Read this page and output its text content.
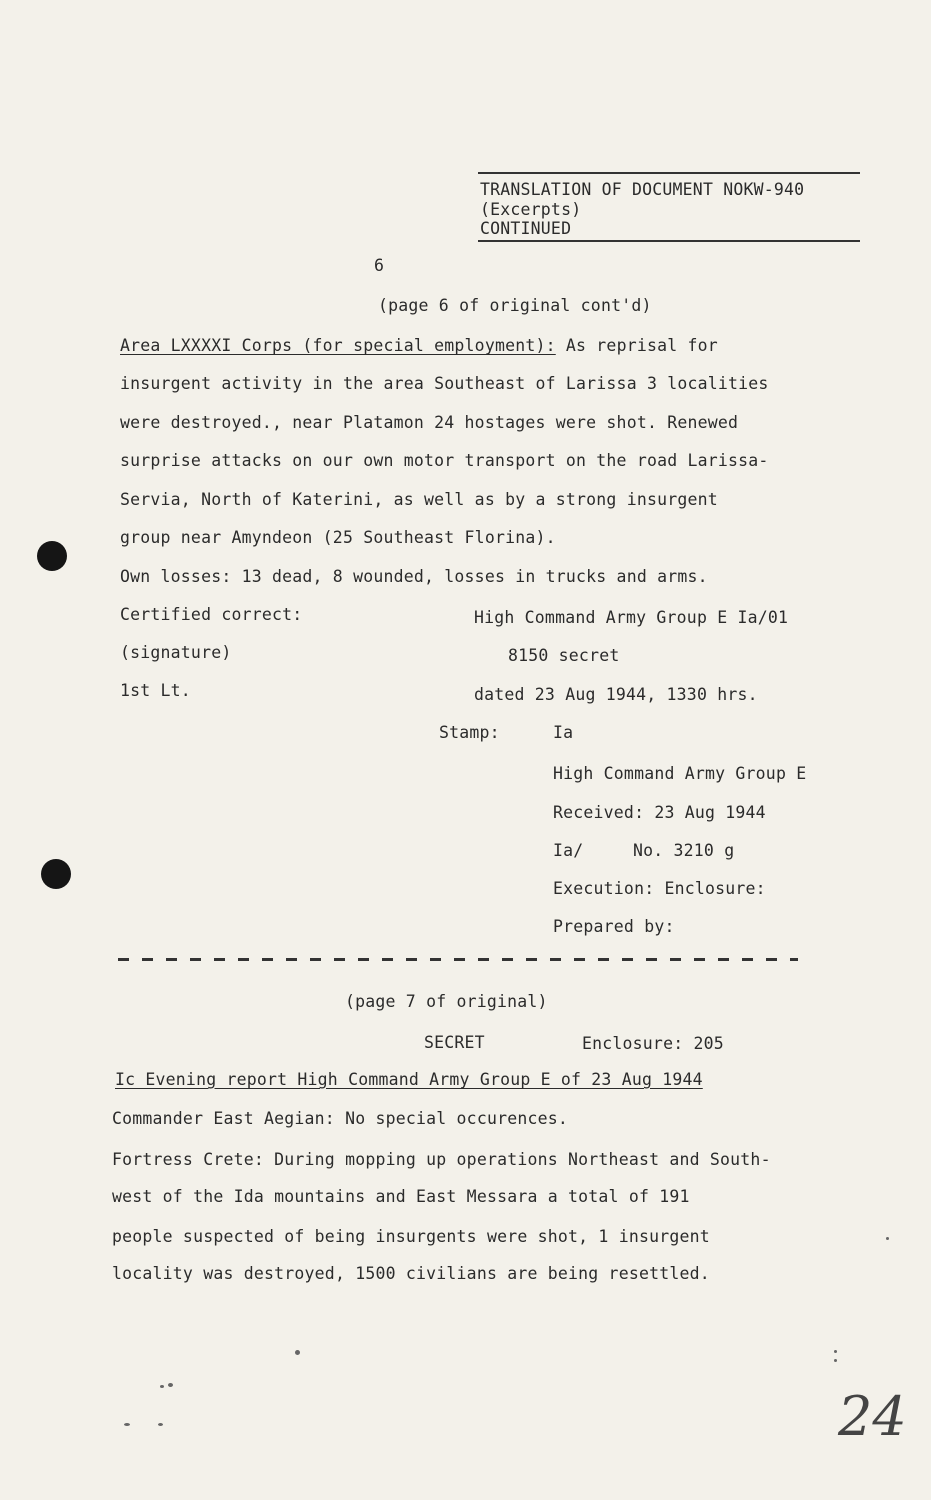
TRANSLATION OF DOCUMENT NOKW-940
(Excerpts)
CONTINUED
6
(page 6 of original cont'd)
Area LXXXXI Corps (for special employment): As reprisal for
insurgent activity in the area Southeast of Larissa 3 localities
were destroyed., near Platamon 24 hostages were shot. Renewed
surprise attacks on our own motor transport on the road Larissa-
Servia, North of Katerini, as well as by a strong insurgent
group near Amyndeon (25 Southeast Florina).
Own losses: 13 dead, 8 wounded, losses in trucks and arms.
Certified correct:
(signature)
1st Lt.
High Command Army Group E Ia/01
8150 secret
dated 23 Aug 1944, 1330 hrs.
Stamp:	Ia
High Command Army Group E
Received: 23 Aug 1944
Ia/	No. 3210 g
Execution: Enclosure:
Prepared by:
(page 7 of original)
SECRET	Enclosure: 205
Ic Evening report High Command Army Group E of 23 Aug 1944
Commander East Aegian: No special occurences.
Fortress Crete: During mopping up operations Northeast and South-
west of the Ida mountains and East Messara a total of 191
people suspected of being insurgents were shot, 1 insurgent
locality was destroyed, 1500 civilians are being resettled.
24
